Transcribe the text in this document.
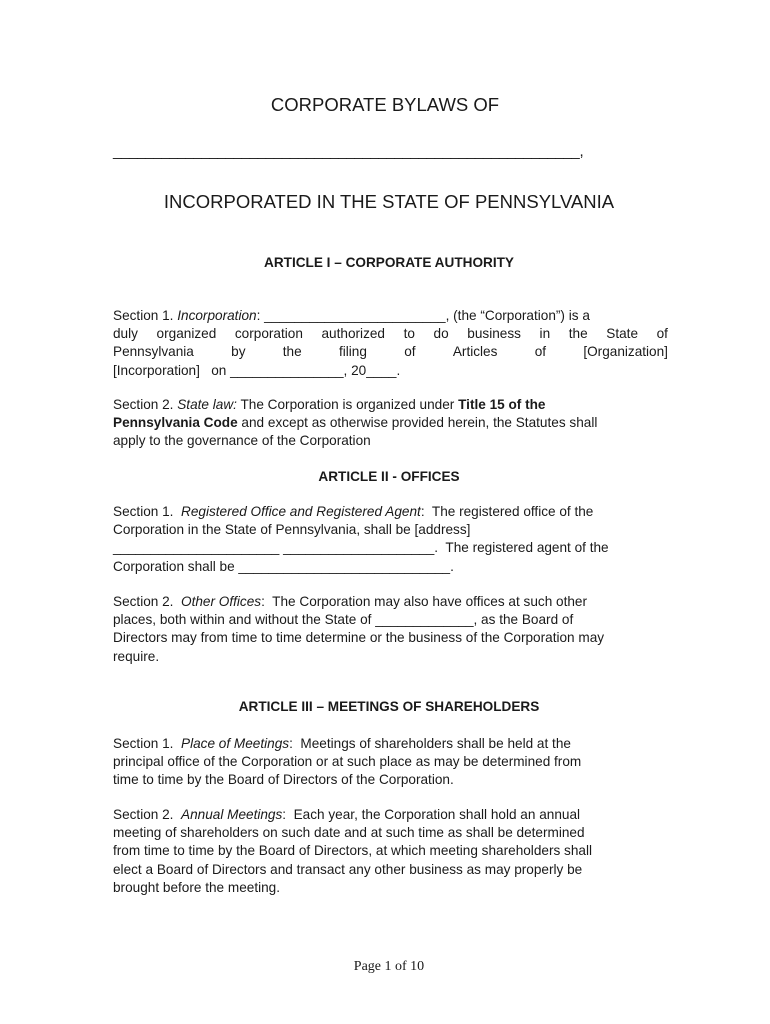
CORPORATE BYLAWS OF
__________________________________________________________,
INCORPORATED IN THE STATE OF PENNSYLVANIA
ARTICLE I – CORPORATE AUTHORITY
Section 1. Incorporation: ________________________, (the “Corporation”) is a
duly organized corporation authorized to do business in the State of
Pennsylvania	by	the	filing	of	Articles	of	[Organization]
[Incorporation]   on _______________, 20____.
Section 2. State law: The Corporation is organized under Title 15 of the
Pennsylvania Code and except as otherwise provided herein, the Statutes shall
apply to the governance of the Corporation
ARTICLE II - OFFICES
Section 1.  Registered Office and Registered Agent:  The registered office of the
Corporation in the State of Pennsylvania, shall be [address]
______________________ ____________________.  The registered agent of the
Corporation shall be ____________________________.
Section 2.  Other Offices:  The Corporation may also have offices at such other
places, both within and without the State of _____________, as the Board of
Directors may from time to time determine or the business of the Corporation may
require.
ARTICLE III – MEETINGS OF SHAREHOLDERS
Section 1.  Place of Meetings:  Meetings of shareholders shall be held at the
principal office of the Corporation or at such place as may be determined from
time to time by the Board of Directors of the Corporation.
Section 2.  Annual Meetings:  Each year, the Corporation shall hold an annual
meeting of shareholders on such date and at such time as shall be determined
from time to time by the Board of Directors, at which meeting shareholders shall
elect a Board of Directors and transact any other business as may properly be
brought before the meeting.
Page 1 of 10
